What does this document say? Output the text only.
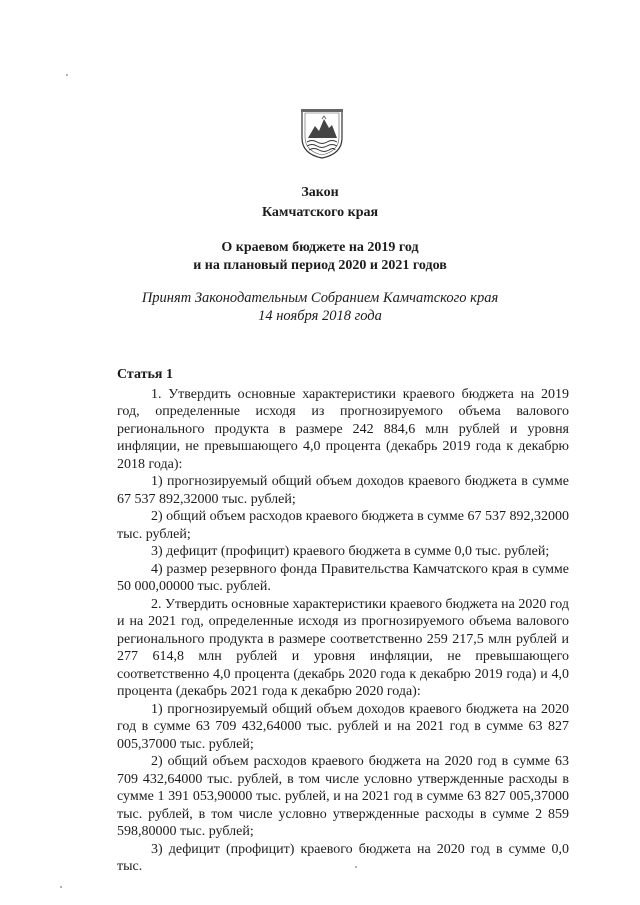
Закон
Камчатского края
О краевом бюджете на 2019 год
и на плановый период 2020 и 2021 годов
Принят Законодательным Собранием Камчатского края
14 ноября 2018 года
Статья 1

1. Утвердить основные характеристики краевого бюджета на 2019 год, определенные исходя из прогнозируемого объема валового регионального продукта в размере 242 884,6 млн рублей и уровня инфляции, не превышающего 4,0 процента (декабрь 2019 года к декабрю 2018 года):

1) прогнозируемый общий объем доходов краевого бюджета в сумме 67 537 892,32000 тыс. рублей;

2) общий объем расходов краевого бюджета в сумме 67 537 892,32000 тыс. рублей;

3) дефицит (профицит) краевого бюджета в сумме 0,0 тыс. рублей;

4) размер резервного фонда Правительства Камчатского края в сумме 50 000,00000 тыс. рублей.

2. Утвердить основные характеристики краевого бюджета на 2020 год и на 2021 год, определенные исходя из прогнозируемого объема валового регионального продукта в размере соответственно 259 217,5 млн рублей и 277 614,8 млн рублей и уровня инфляции, не превышающего соответственно 4,0 процента (декабрь 2020 года к декабрю 2019 года) и 4,0 процента (декабрь 2021 года к декабрю 2020 года):

1) прогнозируемый общий объем доходов краевого бюджета на 2020 год в сумме 63 709 432,64000 тыс. рублей и на 2021 год в сумме 63 827 005,37000 тыс. рублей;

2) общий объем расходов краевого бюджета на 2020 год в сумме 63 709 432,64000 тыс. рублей, в том числе условно утвержденные расходы в сумме 1 391 053,90000 тыс. рублей, и на 2021 год в сумме 63 827 005,37000 тыс. рублей, в том числе условно утвержденные расходы в сумме 2 859 598,80000 тыс. рублей;

3) дефицит (профицит) краевого бюджета на 2020 год в сумме 0,0 тыс.
